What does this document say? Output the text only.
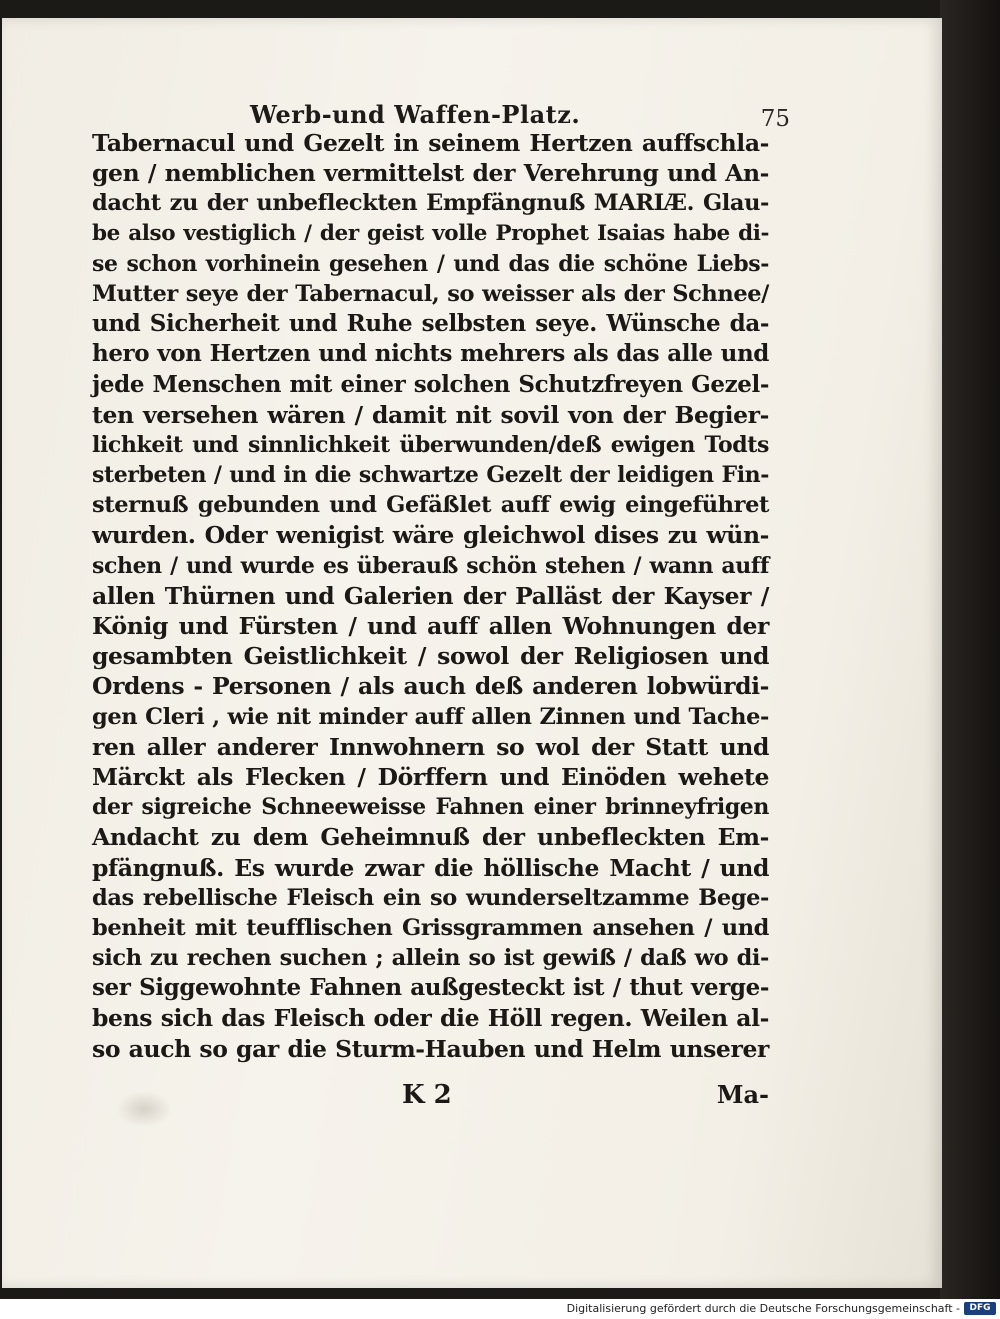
Werb-und Waffen-Platz.	75
Tabernacul und Gezelt in seinem Hertzen auffschla-
gen / nemblichen vermittelst der Verehrung und An-
dacht zu der unbefleckten Empfängnuß MARIÆ. Glau-
be also vestiglich / der geist volle Prophet Isaias habe di-
se schon vorhinein gesehen / und das die schöne Liebs-
Mutter seye der Tabernacul, so weisser als der Schnee/
und Sicherheit und Ruhe selbsten seye. Wünsche da-
hero von Hertzen und nichts mehrers als das alle und
jede Menschen mit einer solchen Schutzfreyen Gezel-
ten versehen wären / damit nit sovil von der Begier-
lichkeit und sinnlichkeit überwunden/deß ewigen Todts
sterbeten / und in die schwartze Gezelt der leidigen Fin-
sternuß gebunden und Gefäßlet auff ewig eingeführet
wurden. Oder wenigist wäre gleichwol dises zu wün-
schen / und wurde es überauß schön stehen / wann auff
allen Thürnen und Galerien der Palläst der Kayser /
König und Fürsten / und auff allen Wohnungen der
gesambten Geistlichkeit / sowol der Religiosen und
Ordens - Personen / als auch deß anderen lobwürdi-
gen Cleri , wie nit minder auff allen Zinnen und Tache-
ren aller anderer Innwohnern so wol der Statt und
Märckt als Flecken / Dörffern und Einöden wehete
der sigreiche Schneeweisse Fahnen einer brinneyfrigen
Andacht zu dem Geheimnuß der unbefleckten Em-
pfängnuß. Es wurde zwar die höllische Macht / und
das rebellische Fleisch ein so wunderseltzamme Bege-
benheit mit teufflischen Grissgrammen ansehen / und
sich zu rechen suchen ; allein so ist gewiß / daß wo di-
ser Siggewohnte Fahnen außgesteckt ist / thut verge-
bens sich das Fleisch oder die Höll regen. Weilen al-
so auch so gar die Sturm-Hauben und Helm unserer
K 2	Ma-
Digitalisierung gefördert durch die Deutsche Forschungsgemeinschaft -	DFG
